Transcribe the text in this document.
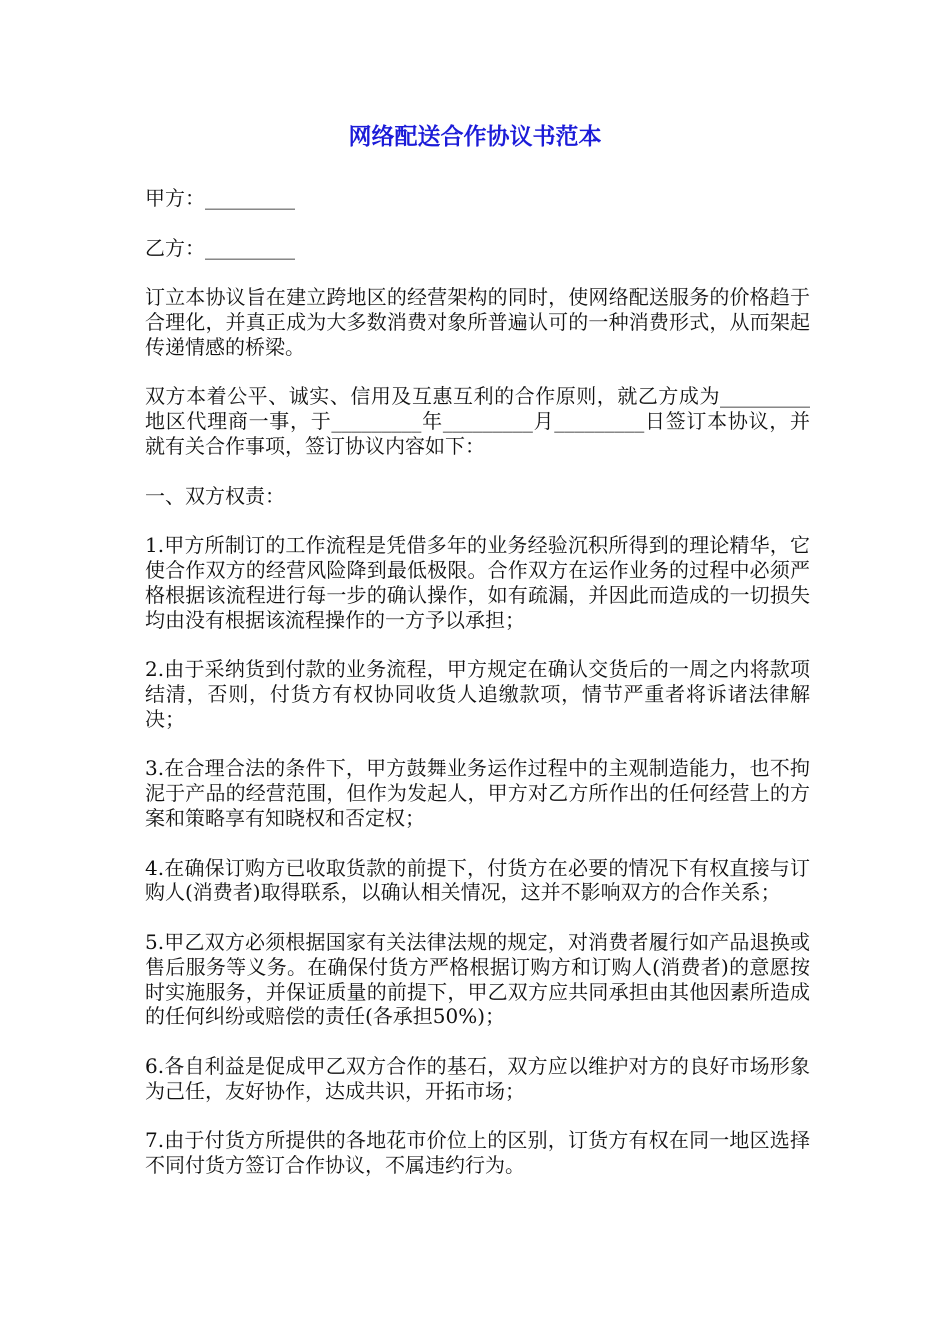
网络配送合作协议书范本

甲方：_________

乙方：_________

订立本协议旨在建立跨地区的经营架构的同时，使网络配送服务的价格趋于合理化，并真正成为大多数消费对象所普遍认可的一种消费形式，从而架起传递情感的桥梁。

双方本着公平、诚实、信用及互惠互利的合作原则，就乙方成为_________地区代理商一事，于_________年_________月_________日签订本协议，并就有关合作事项，签订协议内容如下：

一、双方权责：

1.甲方所制订的工作流程是凭借多年的业务经验沉积所得到的理论精华，它使合作双方的经营风险降到最低极限。合作双方在运作业务的过程中必须严格根据该流程进行每一步的确认操作，如有疏漏，并因此而造成的一切损失均由没有根据该流程操作的一方予以承担；

2.由于采纳货到付款的业务流程，甲方规定在确认交货后的一周之内将款项结清，否则，付货方有权协同收货人追缴款项，情节严重者将诉诸法律解决；

3.在合理合法的条件下，甲方鼓舞业务运作过程中的主观制造能力，也不拘泥于产品的经营范围，但作为发起人，甲方对乙方所作出的任何经营上的方案和策略享有知晓权和否定权；

4.在确保订购方已收取货款的前提下，付货方在必要的情况下有权直接与订购人(消费者)取得联系，以确认相关情况，这并不影响双方的合作关系；

5.甲乙双方必须根据国家有关法律法规的规定，对消费者履行如产品退换或售后服务等义务。在确保付货方严格根据订购方和订购人(消费者)的意愿按时实施服务，并保证质量的前提下，甲乙双方应共同承担由其他因素所造成的任何纠纷或赔偿的责任(各承担50%)；

6.各自利益是促成甲乙双方合作的基石，双方应以维护对方的良好市场形象为己任，友好协作，达成共识，开拓市场；

7.由于付货方所提供的各地花市价位上的区别，订货方有权在同一地区选择不同付货方签订合作协议，不属违约行为。
